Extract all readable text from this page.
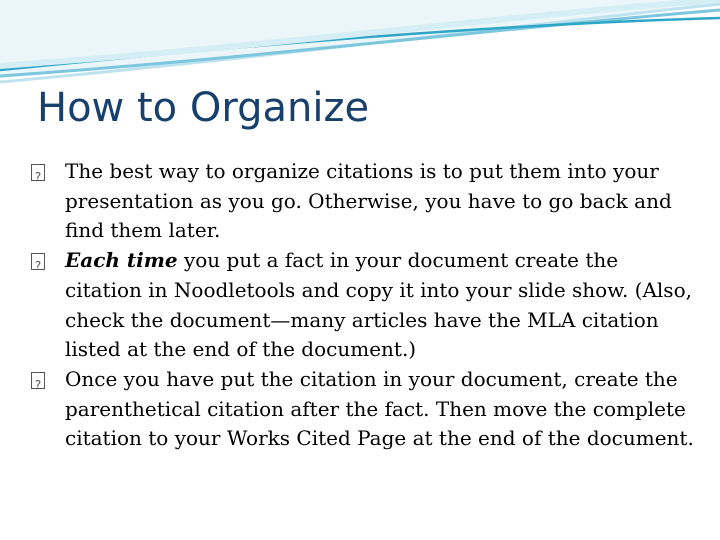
How to Organize
?
The best way to organize citations is to put them into your presentation as you go. Otherwise, you have to go back and find them later.
?
Each time you put a fact in your document create the citation in Noodletools and copy it into your slide show. (Also, check the document—many articles have the MLA citation listed at the end of the document.)
?
Once you have put the citation in your document, create the parenthetical citation after the fact. Then move the complete citation to your Works Cited Page at the end of the document.
